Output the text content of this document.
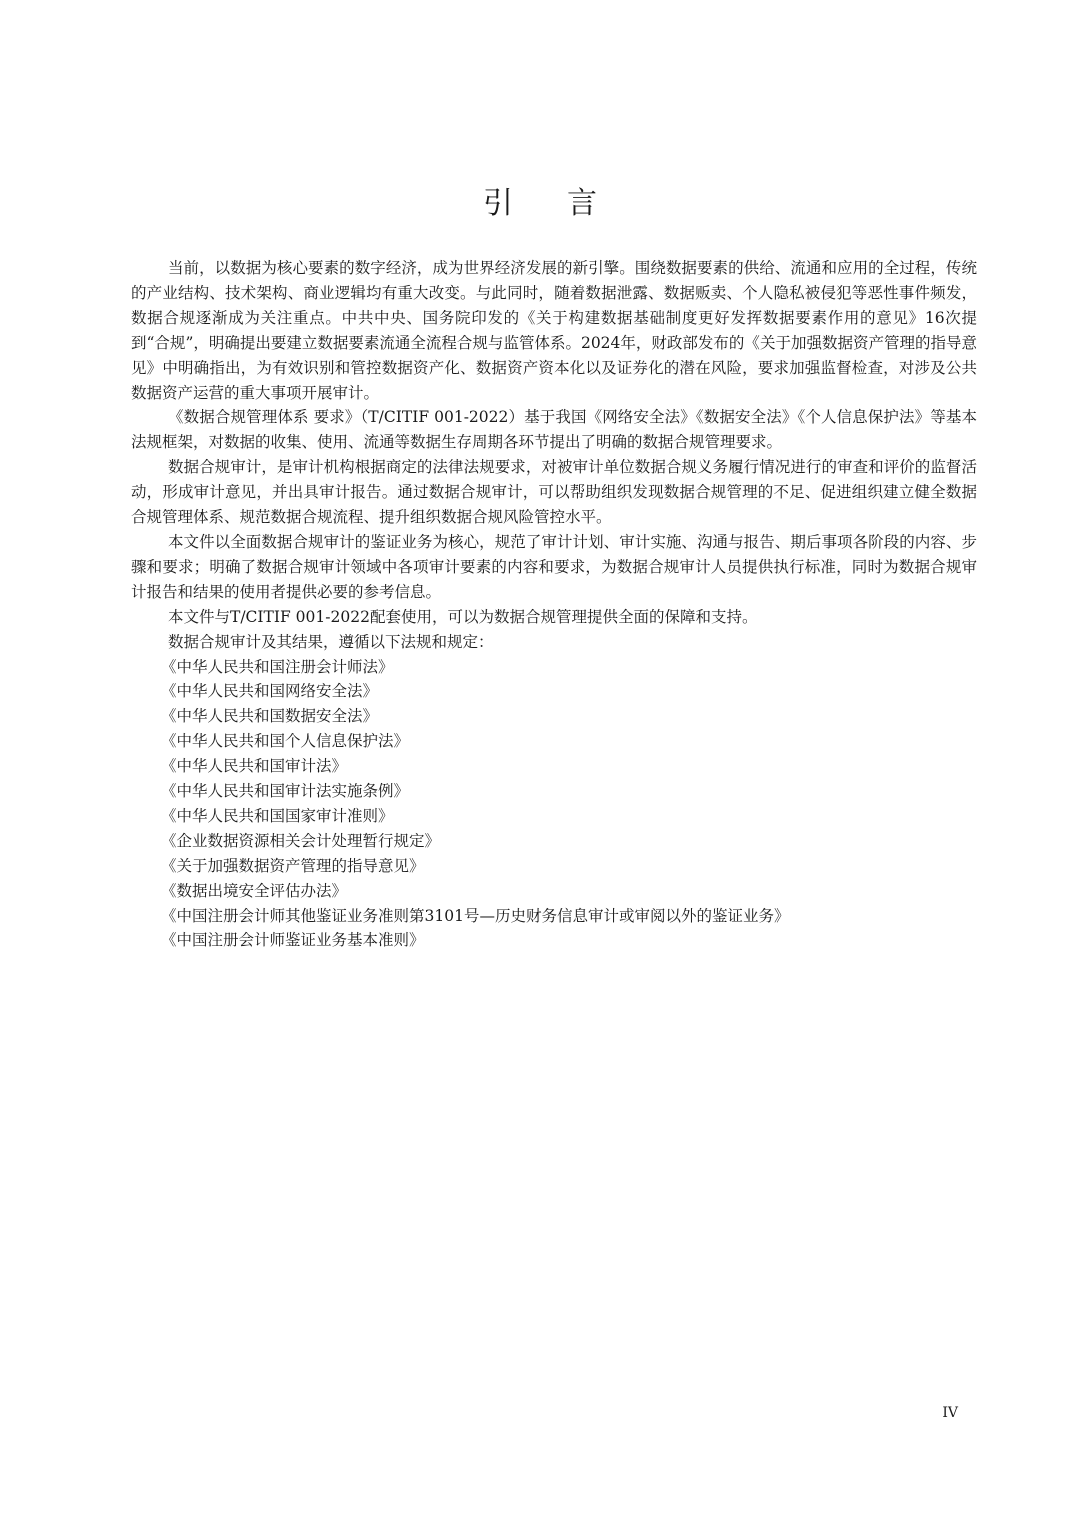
引言

当前，以数据为核心要素的数字经济，成为世界经济发展的新引擎。围绕数据要素的供给、流通和应用的全过程，传统的产业结构、技术架构、商业逻辑均有重大改变。与此同时，随着数据泄露、数据贩卖、个人隐私被侵犯等恶性事件频发，数据合规逐渐成为关注重点。中共中央、国务院印发的《关于构建数据基础制度更好发挥数据要素作用的意见》16次提到“合规”，明确提出要建立数据要素流通全流程合规与监管体系。2024年，财政部发布的《关于加强数据资产管理的指导意见》中明确指出，为有效识别和管控数据资产化、数据资产资本化以及证券化的潜在风险，要求加强监督检查，对涉及公共数据资产运营的重大事项开展审计。

《数据合规管理体系 要求》（T/CITIF 001-2022）基于我国《网络安全法》《数据安全法》《个人信息保护法》等基本法规框架，对数据的收集、使用、流通等数据生存周期各环节提出了明确的数据合规管理要求。

数据合规审计，是审计机构根据商定的法律法规要求，对被审计单位数据合规义务履行情况进行的审查和评价的监督活动，形成审计意见，并出具审计报告。通过数据合规审计，可以帮助组织发现数据合规管理的不足、促进组织建立健全数据合规管理体系、规范数据合规流程、提升组织数据合规风险管控水平。

本文件以全面数据合规审计的鉴证业务为核心，规范了审计计划、审计实施、沟通与报告、期后事项各阶段的内容、步骤和要求；明确了数据合规审计领域中各项审计要素的内容和要求，为数据合规审计人员提供执行标准，同时为数据合规审计报告和结果的使用者提供必要的参考信息。

本文件与T/CITIF 001-2022配套使用，可以为数据合规管理提供全面的保障和支持。

数据合规审计及其结果，遵循以下法规和规定：

《中华人民共和国注册会计师法》
《中华人民共和国网络安全法》
《中华人民共和国数据安全法》
《中华人民共和国个人信息保护法》
《中华人民共和国审计法》
《中华人民共和国审计法实施条例》
《中华人民共和国国家审计准则》
《企业数据资源相关会计处理暂行规定》
《关于加强数据资产管理的指导意见》
《数据出境安全评估办法》
《中国注册会计师其他鉴证业务准则第3101号—历史财务信息审计或审阅以外的鉴证业务》
《中国注册会计师鉴证业务基本准则》
IV
